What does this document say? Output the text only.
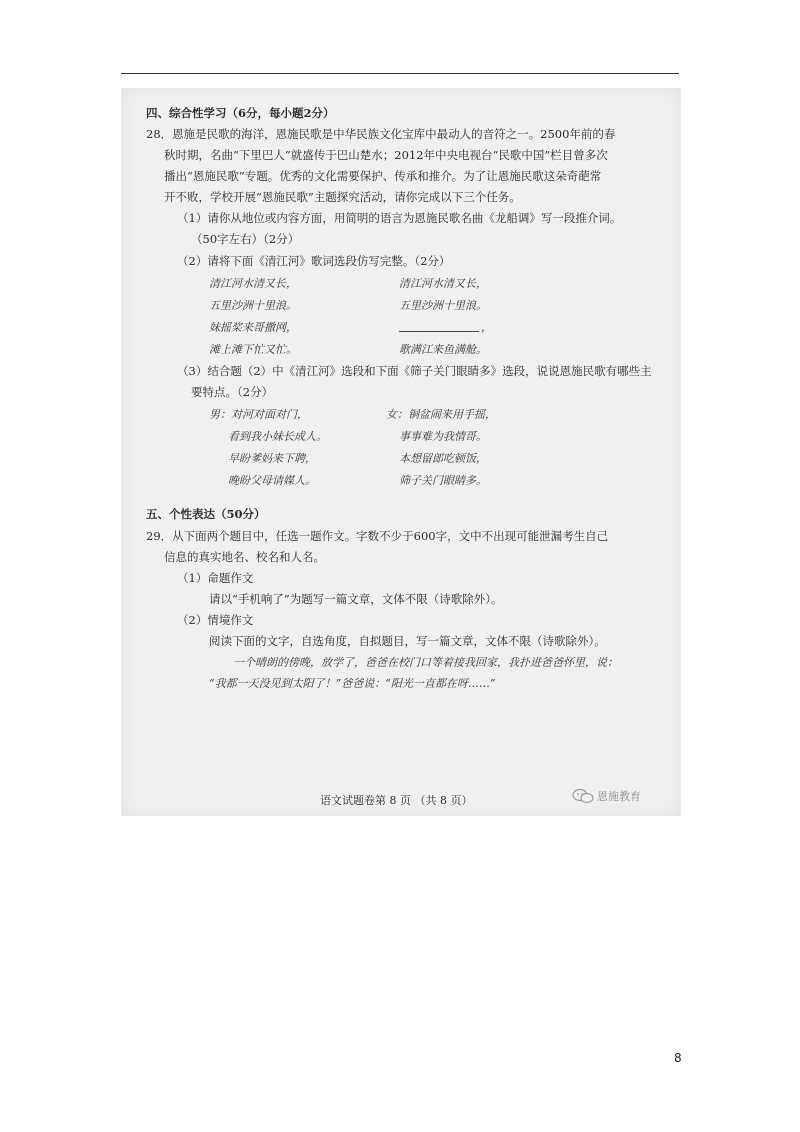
四、综合性学习（6分，每小题2分）
28．恩施是民歌的海洋，恩施民歌是中华民族文化宝库中最动人的音符之一。2500年前的春
秋时期，名曲“下里巴人”就盛传于巴山楚水；2012年中央电视台“民歌中国”栏目曾多次
播出“恩施民歌”专题。优秀的文化需要保护、传承和推介。为了让恩施民歌这朵奇葩常
开不败，学校开展“恩施民歌”主题探究活动，请你完成以下三个任务。
（1）请你从地位或内容方面，用简明的语言为恩施民歌名曲《龙船调》写一段推介词。
（50字左右）（2分）
（2）请将下面《清江河》歌词选段仿写完整。（2分）
清江河水清又长，
五里沙洲十里浪。
妹摇桨来哥撒网，
滩上滩下忙又忙。
清江河水清又长，
五里沙洲十里浪。
，
歌满江来鱼满舱。
（3）结合题（2）中《清江河》选段和下面《筛子关门眼睛多》选段，说说恩施民歌有哪些主
要特点。（2分）
男：对河对面对门，
看到我小妹长成人。
早盼爹妈来下聘，
晚盼父母请媒人。
女：铜盆闹来用手摇，
事事难为我情哥。
本想留郎吃顿饭，
筛子关门眼睛多。
五、个性表达（50分）
29．从下面两个题目中，任选一题作文。字数不少于600字，文中不出现可能泄漏考生自己
信息的真实地名、校名和人名。
（1）命题作文
请以“手机响了”为题写一篇文章，文体不限（诗歌除外）。
（2）情境作文
阅读下面的文字，自选角度，自拟题目，写一篇文章，文体不限（诗歌除外）。
一个晴朗的傍晚，放学了，爸爸在校门口等着接我回家，我扑进爸爸怀里，说：
“我都一天没见到太阳了！”爸爸说：“阳光一直都在呀……”
语文试题卷第 8 页 （共 8 页）	恩施教育
8
